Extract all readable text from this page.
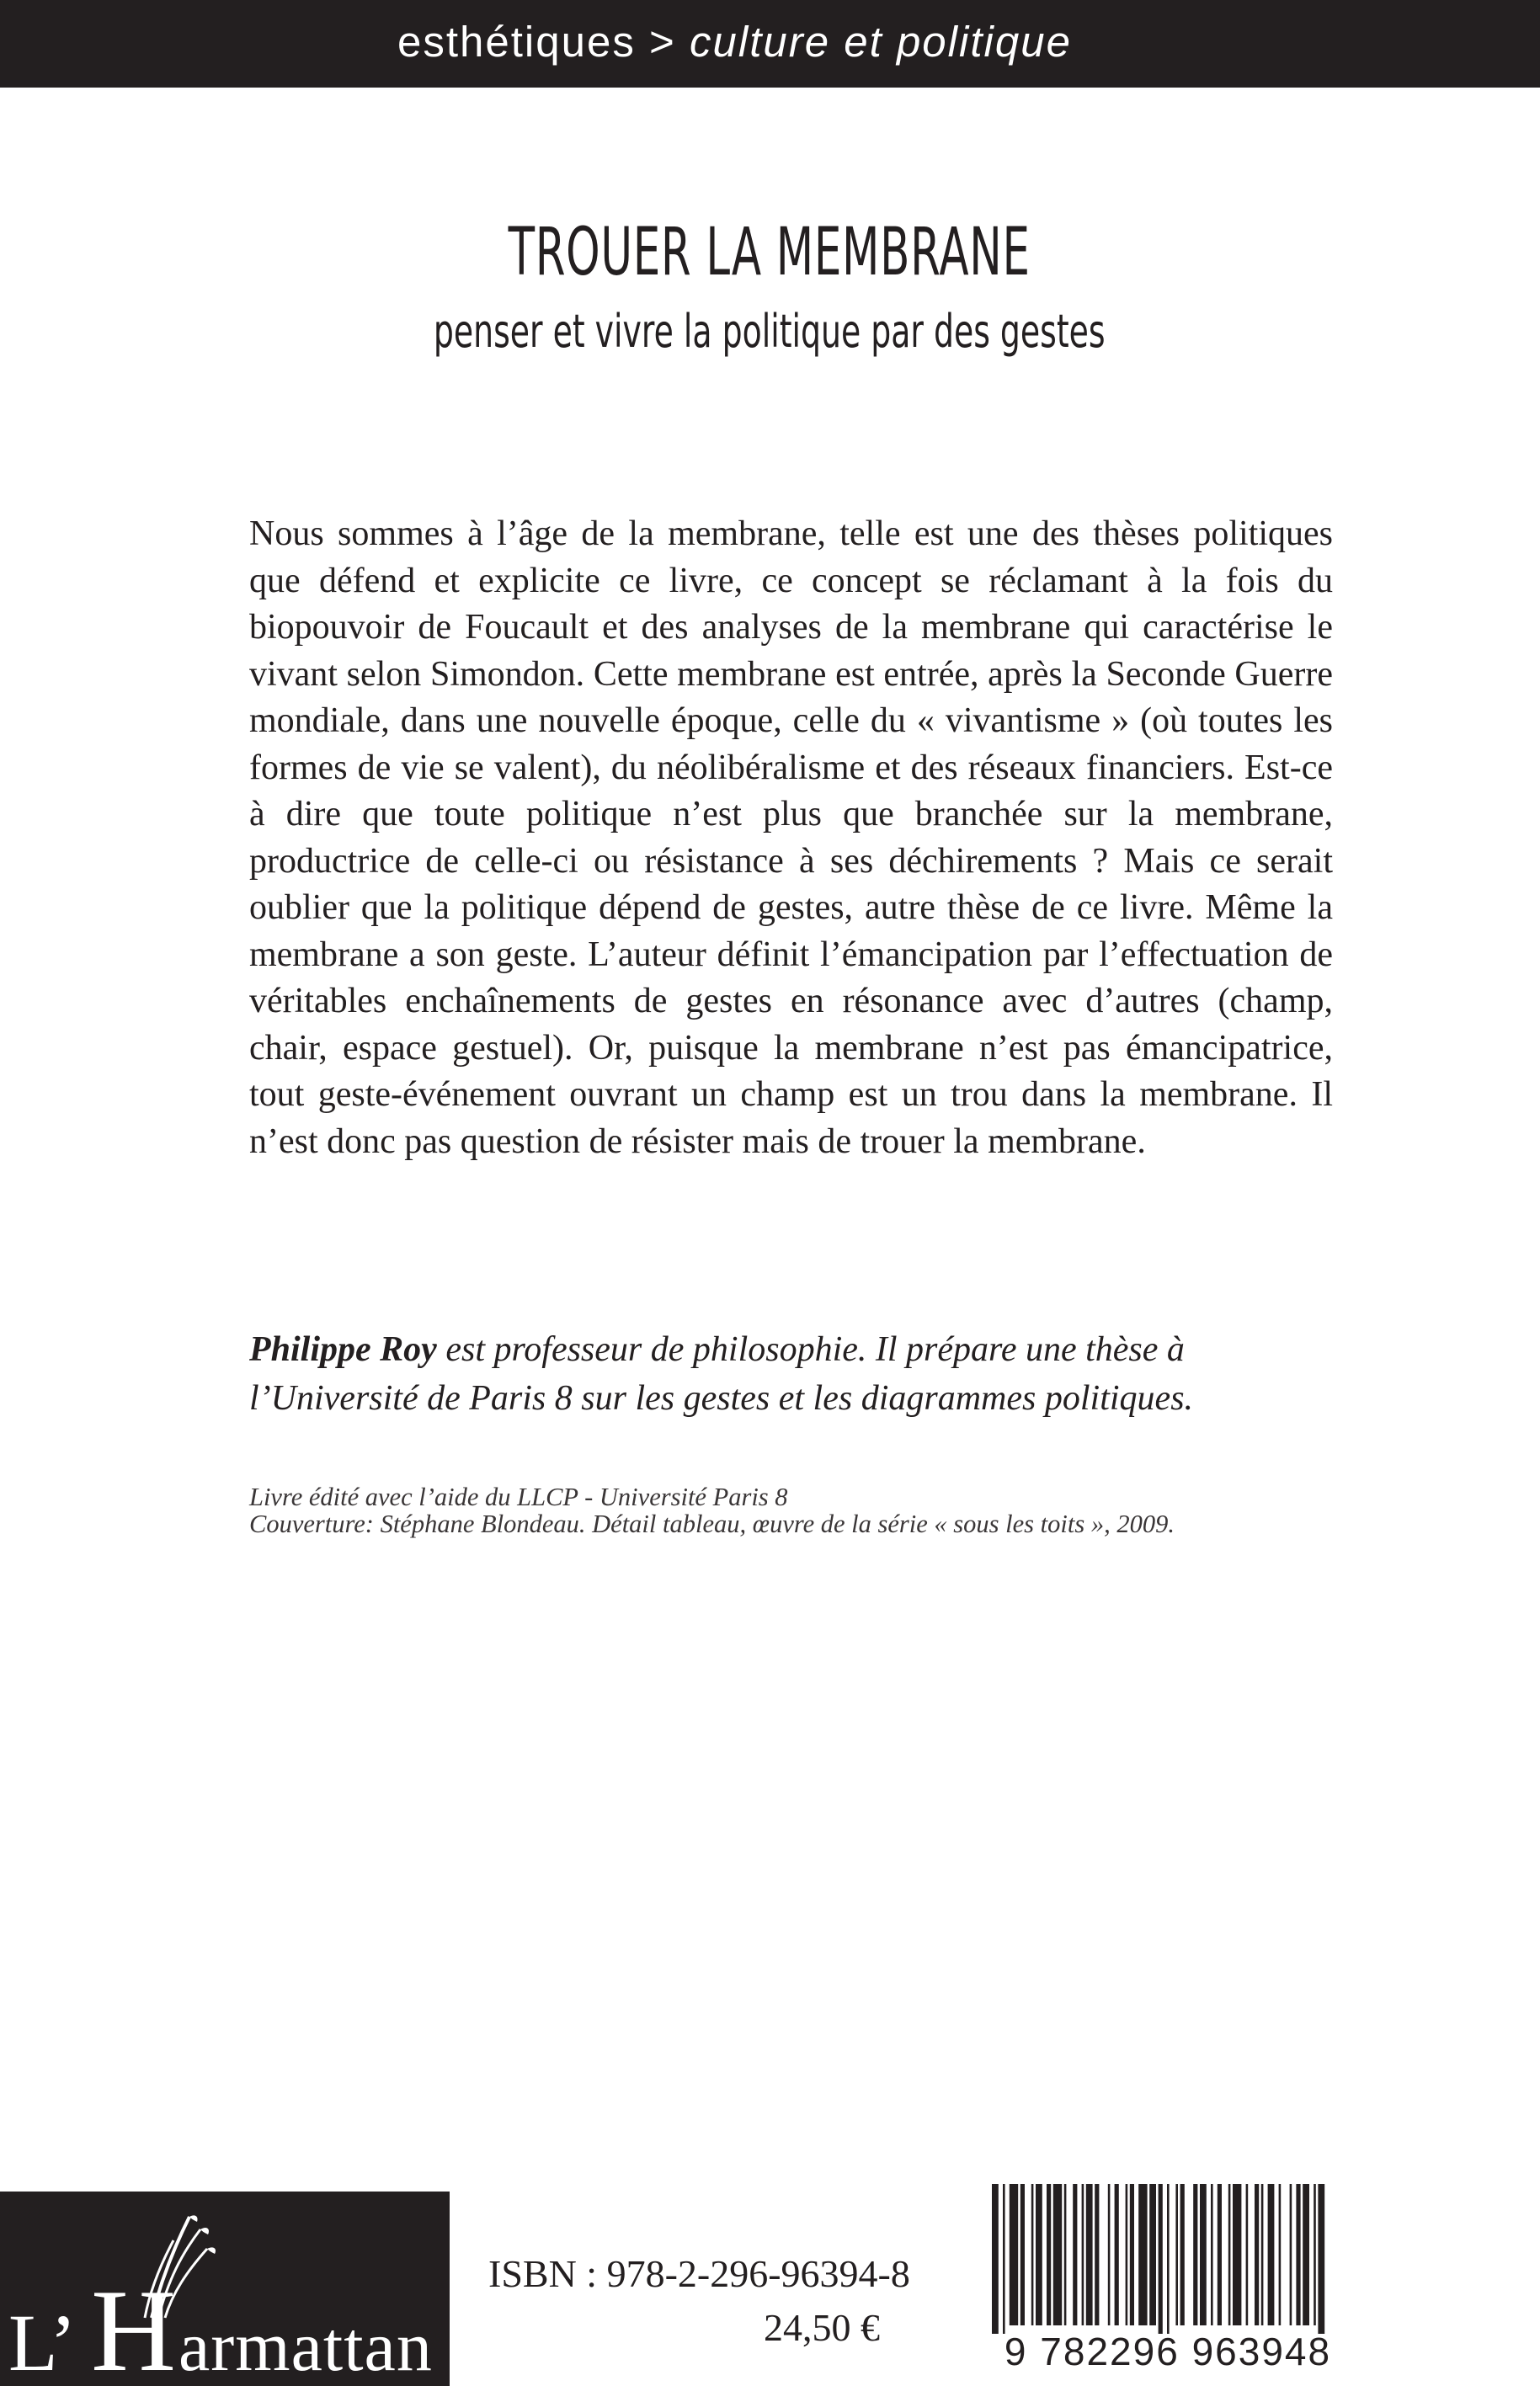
esthétiques > culture et politique
TROUER LA MEMBRANE
penser et vivre la politique par des gestes

Nous sommes à l’âge de la membrane, telle est une des thèses politiques que défend et explicite ce livre, ce concept se réclamant à la fois du biopouvoir de Foucault et des analyses de la membrane qui caractérise le vivant selon Simondon. Cette membrane est entrée, après la Seconde Guerre mondiale, dans une nouvelle époque, celle du « vivantisme » (où toutes les formes de vie se valent), du néolibéralisme et des réseaux financiers. Est-ce à dire que toute politique n’est plus que branchée sur la membrane, productrice de celle-ci ou résistance à ses déchirements ? Mais ce serait oublier que la politique dépend de gestes, autre thèse de ce livre. Même la membrane a son geste. L’auteur définit l’émancipation par l’effectuation de véritables enchaînements de gestes en résonance avec d’autres (champ, chair, espace gestuel). Or, puisque la membrane n’est pas émancipatrice, tout geste-événement ouvrant un champ est un trou dans la membrane. Il n’est donc pas question de résister mais de trouer la membrane.

Philippe Roy est professeur de philosophie. Il prépare une thèse à l’Université de Paris 8 sur les gestes et les diagrammes politiques.

Livre édité avec l’aide du LLCP - Université Paris 8
Couverture: Stéphane Blondeau. Détail tableau, œuvre de la série « sous les toits », 2009.
L’ H armattan
ISBN : 978-2-296-96394-8
24,50 €
9 782296 963948
